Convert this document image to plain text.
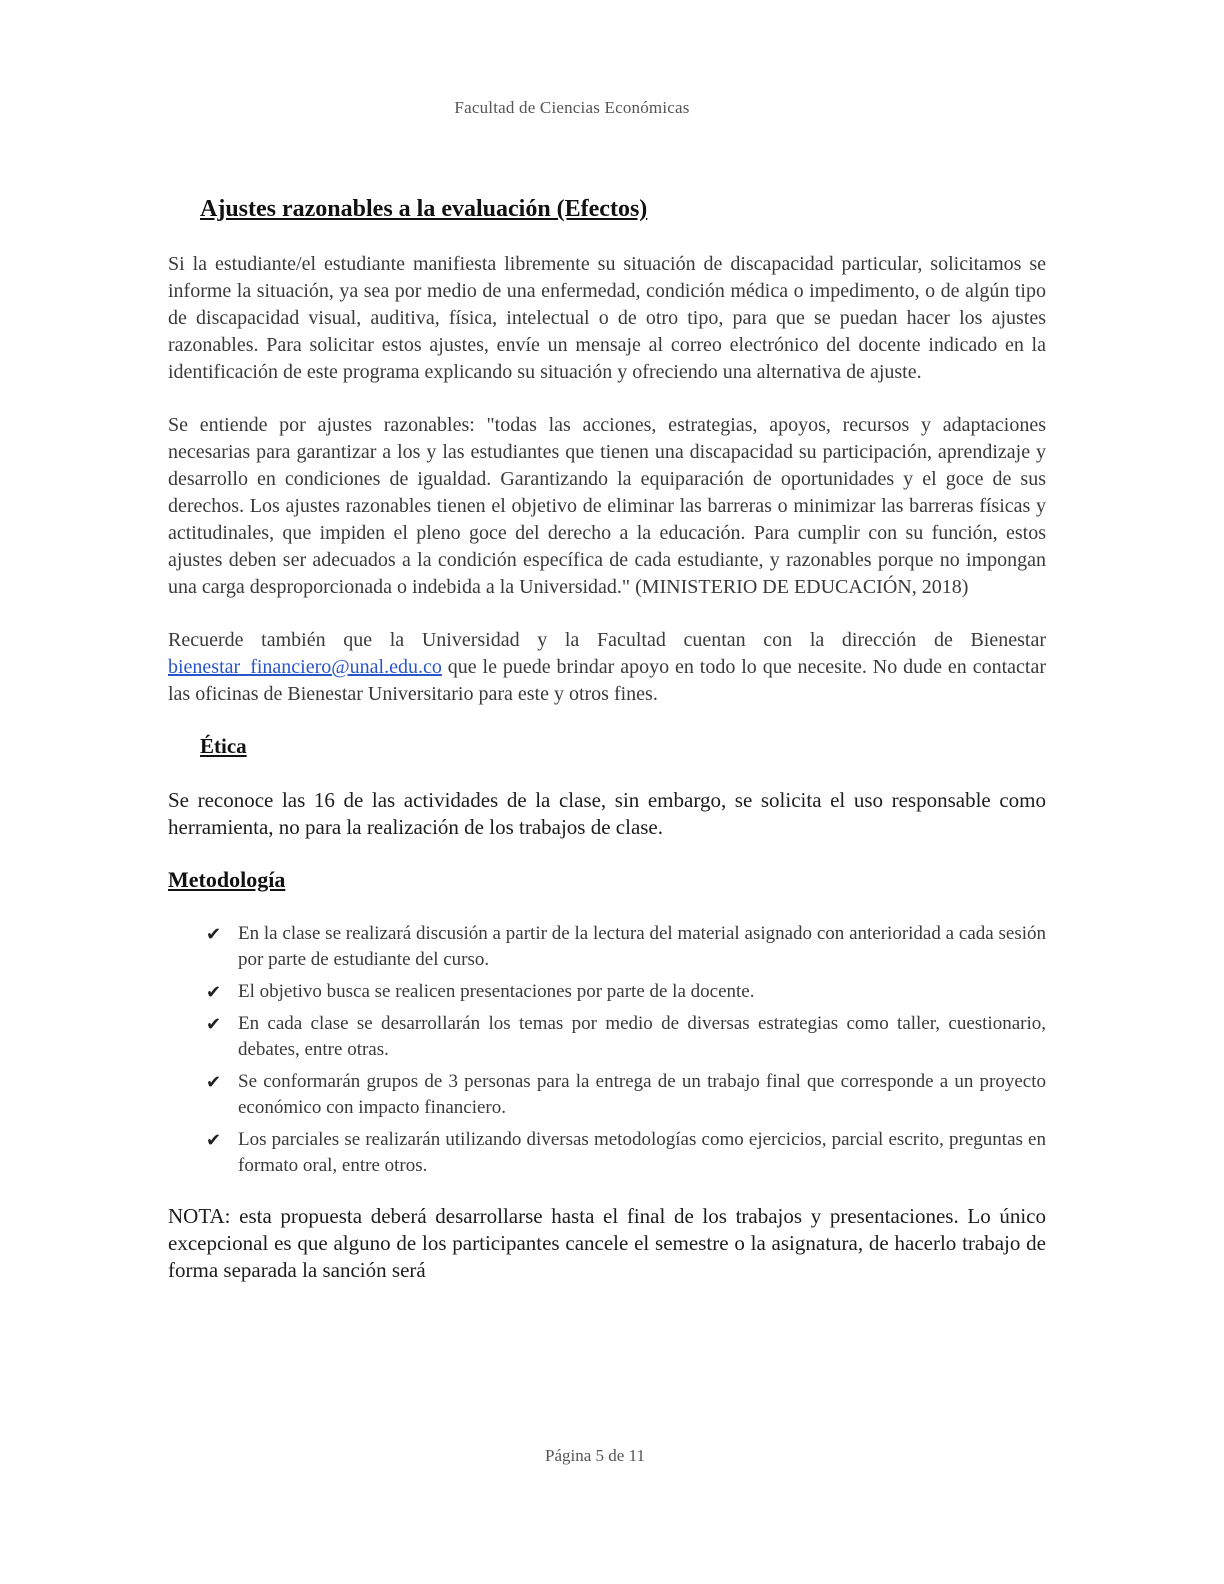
Facultad de Ciencias Económicas
Ajustes razonables a la evaluación (Efectos)

Si la estudiante/el estudiante manifiesta libremente su situación de discapacidad particular, solicitamos se informe la situación, ya sea por medio de una enfermedad, condición médica o impedimento, o de algún tipo de discapacidad visual, auditiva, física, intelectual o de otro tipo, para que se puedan hacer los ajustes razonables. Para solicitar estos ajustes, envíe un mensaje al correo electrónico del docente indicado en la identificación de este programa explicando su situación y ofreciendo una alternativa de ajuste.

Se entiende por ajustes razonables: "todas las acciones, estrategias, apoyos, recursos y adaptaciones necesarias para garantizar a los y las estudiantes que tienen una discapacidad su participación, aprendizaje y desarrollo en condiciones de igualdad. Garantizando la equiparación de oportunidades y el goce de sus derechos. Los ajustes razonables tienen el objetivo de eliminar las barreras o minimizar las barreras físicas y actitudinales, que impiden el pleno goce del derecho a la educación. Para cumplir con su función, estos ajustes deben ser adecuados a la condición específica de cada estudiante, y razonables porque no impongan una carga desproporcionada o indebida a la Universidad." (MINISTERIO DE EDUCACIÓN, 2018)

Recuerde también que la Universidad y la Facultad cuentan con la dirección de Bienestar bienestar_financiero@unal.edu.co que le puede brindar apoyo en todo lo que necesite. No dude en contactar las oficinas de Bienestar Universitario para este y otros fines.

Ética

Se reconoce las 16 de las actividades de la clase, sin embargo, se solicita el uso responsable como herramienta, no para la realización de los trabajos de clase.

Metodología
✔ En la clase se realizará discusión a partir de la lectura del material asignado con anterioridad a cada sesión por parte de estudiante del curso.
✔ El objetivo busca se realicen presentaciones por parte de la docente.
✔ En cada clase se desarrollarán los temas por medio de diversas estrategias como taller, cuestionario, debates, entre otras.
✔ Se conformarán grupos de 3 personas para la entrega de un trabajo final que corresponde a un proyecto económico con impacto financiero.
✔ Los parciales se realizarán utilizando diversas metodologías como ejercicios, parcial escrito, preguntas en formato oral, entre otros.

NOTA: esta propuesta deberá desarrollarse hasta el final de los trabajos y presentaciones. Lo único excepcional es que alguno de los participantes cancele el semestre o la asignatura, de hacerlo trabajo de forma separada la sanción será

Página 5 de 11
